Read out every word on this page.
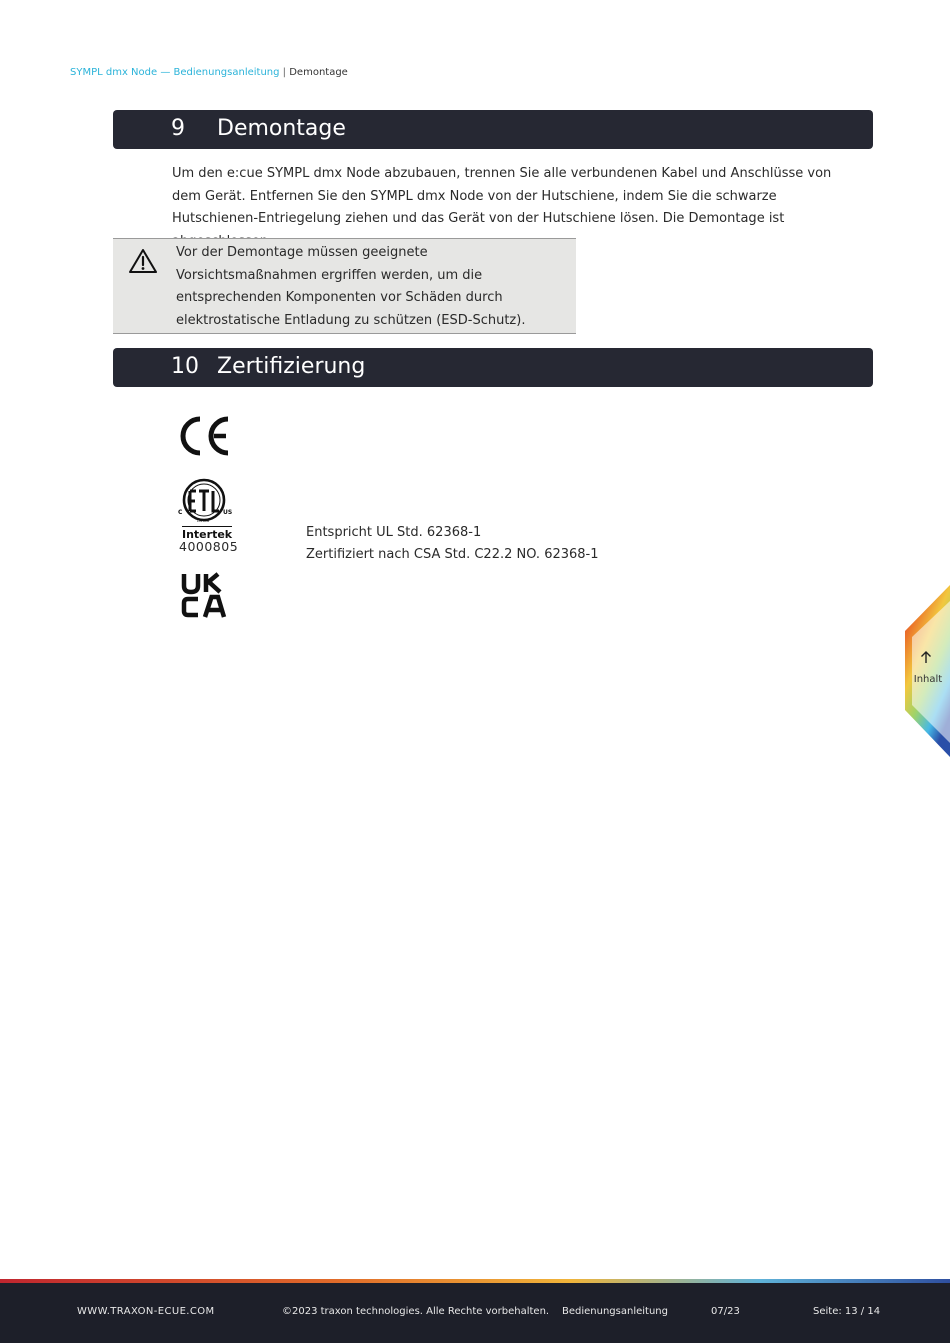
SYMPL dmx Node — Bedienungsanleitung | Demontage
9 Demontage

Um den e:cue SYMPL dmx Node abzubauen, trennen Sie alle verbundenen Kabel und Anschlüsse von dem Gerät. Entfernen Sie den SYMPL dmx Node von der Hutschiene, indem Sie die schwarze Hutschienen-Entriegelung ziehen und das Gerät von der Hutschiene lösen. Die Demontage ist

Vor der Demontage müssen geeignete Vorsichtsmaßnahmen ergriffen werden, um die entsprechenden Komponenten vor Schäden durch elektrostatische Entladung zu schützen (ESD-Schutz).

10 Zertifizierung
C	US
LISTED
Intertek
4000805
Entspricht UL Std. 62368-1
Zertifiziert nach CSA Std. C22.2 NO. 62368-1
Inhalt
WWW.TRAXON-ECUE.COM	©2023 traxon technologies. Alle Rechte vorbehalten. Bedienungsanleitung	07/23	Seite: 13 / 14
